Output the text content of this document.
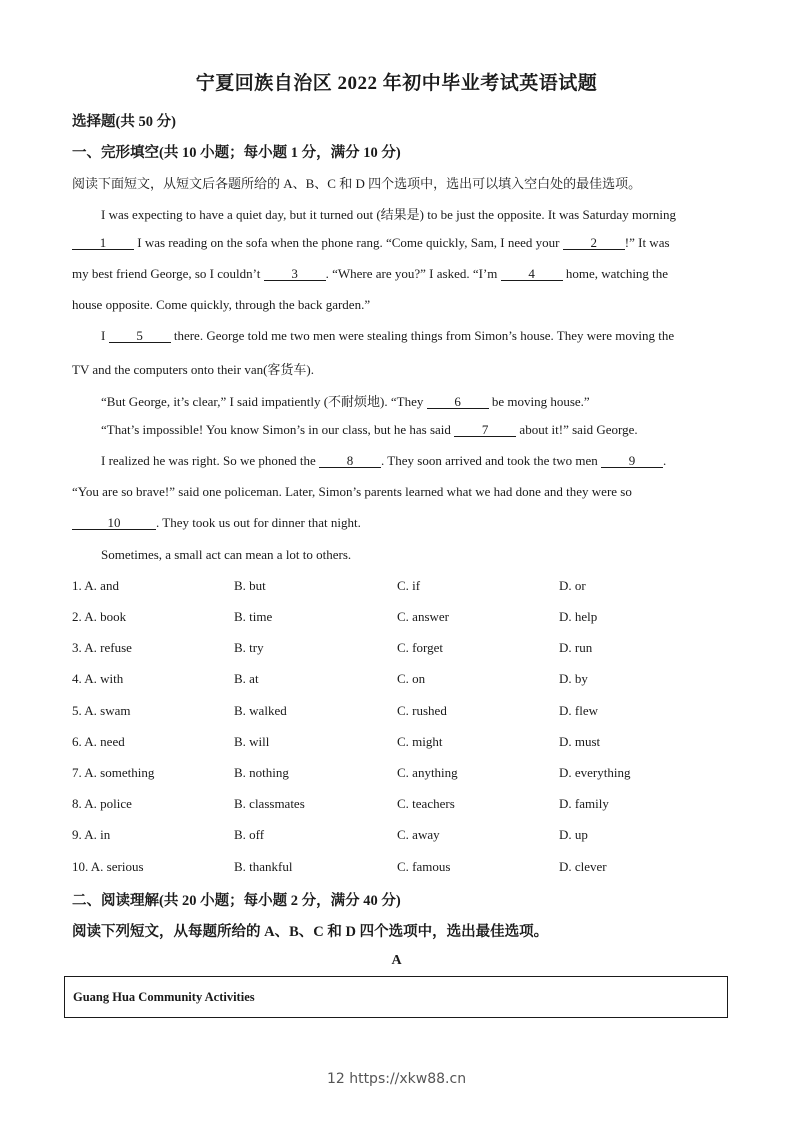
宁夏回族自治区 2022 年初中毕业考试英语试题
选择题(共 50 分)
一、完形填空(共 10 小题；每小题 1 分，满分 10 分)
阅读下面短文，从短文后各题所给的 A、B、C 和 D 四个选项中，选出可以填入空白处的最佳选项。
I was expecting to have a quiet day, but it turned out (结果是) to be just the opposite. It was Saturday morning
1 I was reading on the sofa when the phone rang. “Come quickly, Sam, I need your 2 !” It was
my best friend George, so I couldn’t 3 . “Where are you?” I asked. “I’m 4 home, watching the
house opposite. Come quickly, through the back garden.”
I 5 there. George told me two men were stealing things from Simon’s house. They were moving the
TV and the computers onto their van(客货车).
“But George, it’s clear,” I said impatiently (不耐烦地). “They 6 be moving house.”
“That’s impossible! You know Simon’s in our class, but he has said 7 about it!” said George.
I realized he was right. So we phoned the 8 . They soon arrived and took the two men 9 .
“You are so brave!” said one policeman. Later, Simon’s parents learned what we had done and they were so
10	. They took us out for dinner that night.
Sometimes, a small act can mean a lot to others.
1. A. and	B. but	C. if	D. or
2. A. book	B. time	C. answer	D. help
3. A. refuse	B. try	C. forget	D. run
4. A. with	B. at	C. on	D. by
5. A. swam	B. walked	C. rushed	D. flew
6. A. need	B. will	C. might	D. must
7. A. something	B. nothing	C. anything	D. everything
8. A. police	B. classmates	C. teachers	D. family
9. A. in	B. off	C. away	D. up
10. A. serious	B. thankful	C. famous	D. clever
二、阅读理解(共 20 小题；每小题 2 分，满分 40 分)
阅读下列短文，从每题所给的 A、B、C 和 D 四个选项中，选出最佳选项。
A
Guang Hua Community Activities
12 https://xkw88.cn
